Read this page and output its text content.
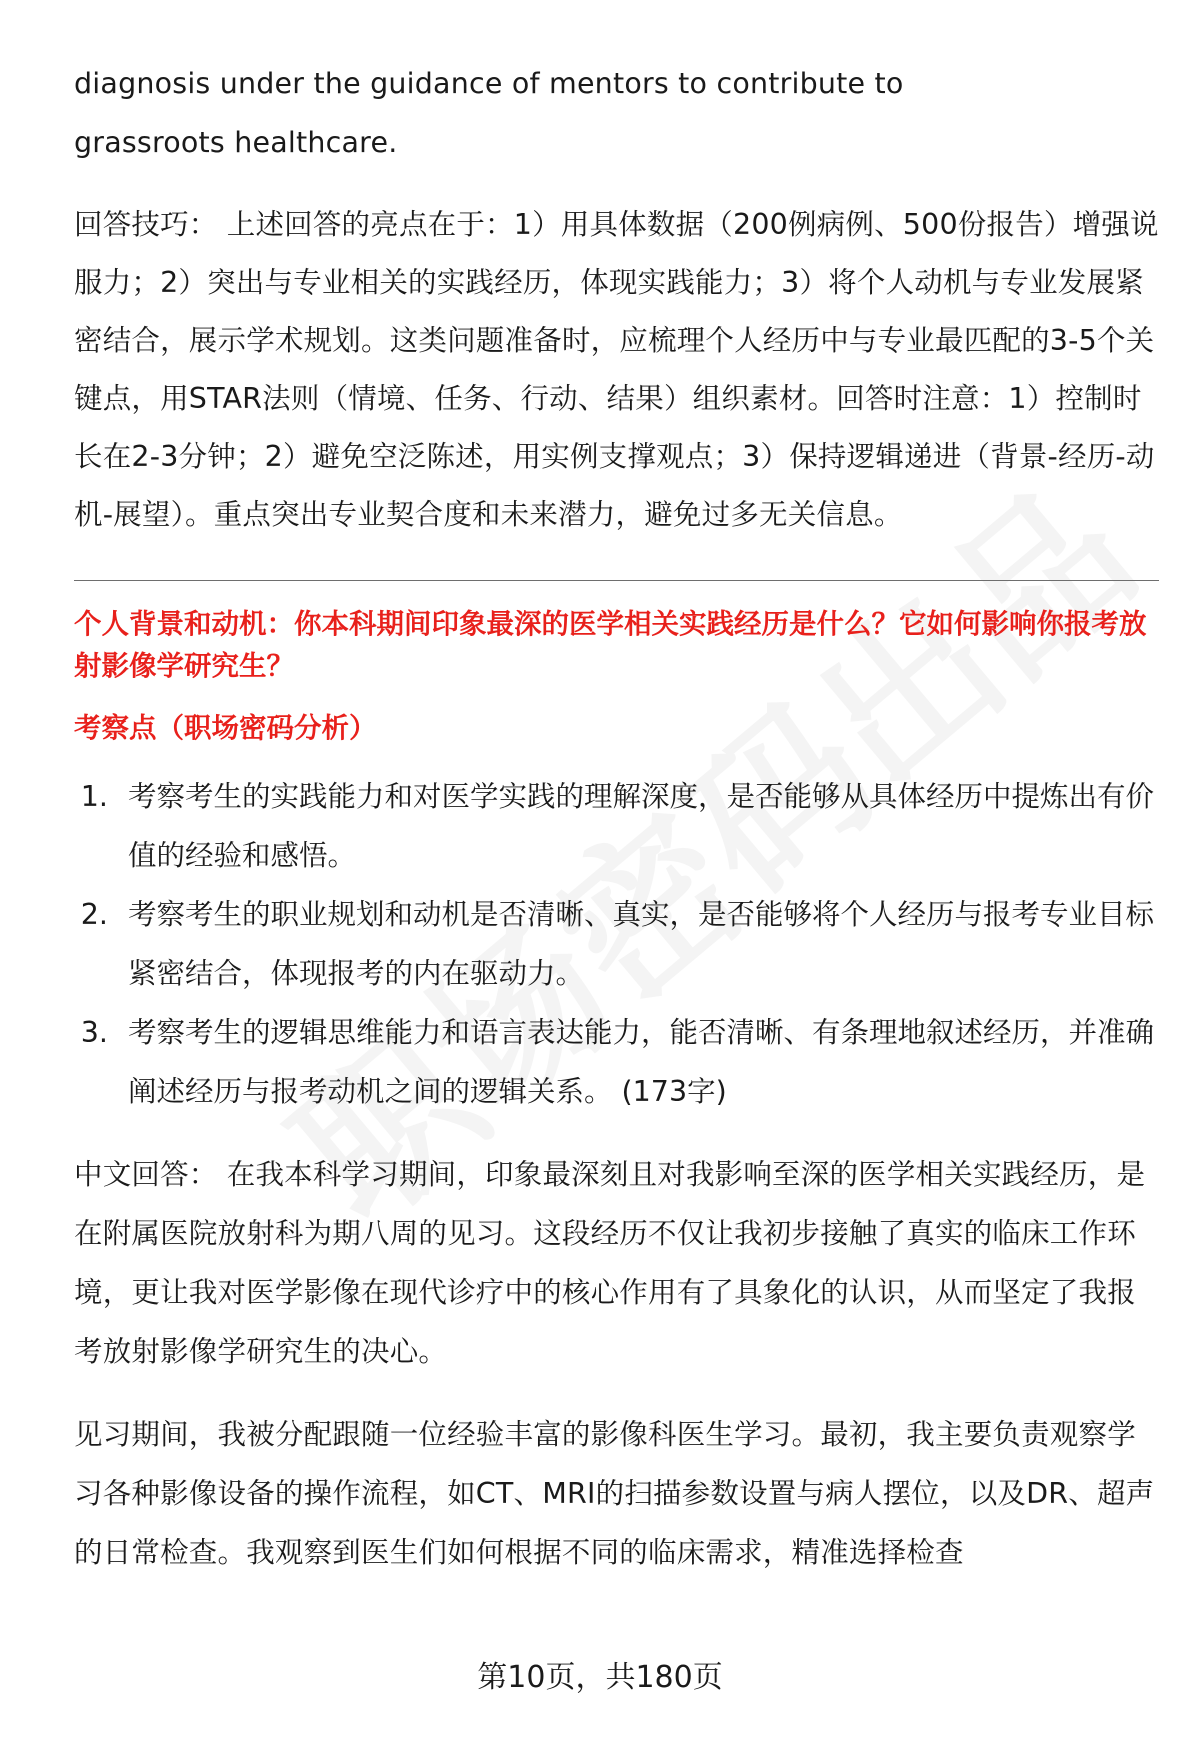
diagnosis under the guidance of mentors to contribute to grassroots healthcare.

回答技巧： 上述回答的亮点在于：1）用具体数据（200例病例、500份报告）增强说服力；2）突出与专业相关的实践经历，体现实践能力；3）将个人动机与专业发展紧密结合，展示学术规划。这类问题准备时，应梳理个人经历中与专业最匹配的3-5个关键点，用STAR法则（情境、任务、行动、结果）组织素材。回答时注意：1）控制时长在2-3分钟；2）避免空泛陈述，用实例支撑观点；3）保持逻辑递进（背景-经历-动机-展望）。重点突出专业契合度和未来潜力，避免过多无关信息。

个人背景和动机：你本科期间印象最深的医学相关实践经历是什么？它如何影响你报考放射影像学研究生？

考察点（职场密码分析）

1. 考察考生的实践能力和对医学实践的理解深度，是否能够从具体经历中提炼出有价值的经验和感悟。
2. 考察考生的职业规划和动机是否清晰、真实，是否能够将个人经历与报考专业目标紧密结合，体现报考的内在驱动力。
3. 考察考生的逻辑思维能力和语言表达能力，能否清晰、有条理地叙述经历，并准确阐述经历与报考动机之间的逻辑关系。 (173字)

中文回答： 在我本科学习期间，印象最深刻且对我影响至深的医学相关实践经历，是在附属医院放射科为期八周的见习。这段经历不仅让我初步接触了真实的临床工作环境，更让我对医学影像在现代诊疗中的核心作用有了具象化的认识，从而坚定了我报考放射影像学研究生的决心。

见习期间，我被分配跟随一位经验丰富的影像科医生学习。最初，我主要负责观察学习各种影像设备的操作流程，如CT、MRI的扫描参数设置与病人摆位，以及DR、超声的日常检查。我观察到医生们如何根据不同的临床需求，精准选择检查

第10页，共180页
